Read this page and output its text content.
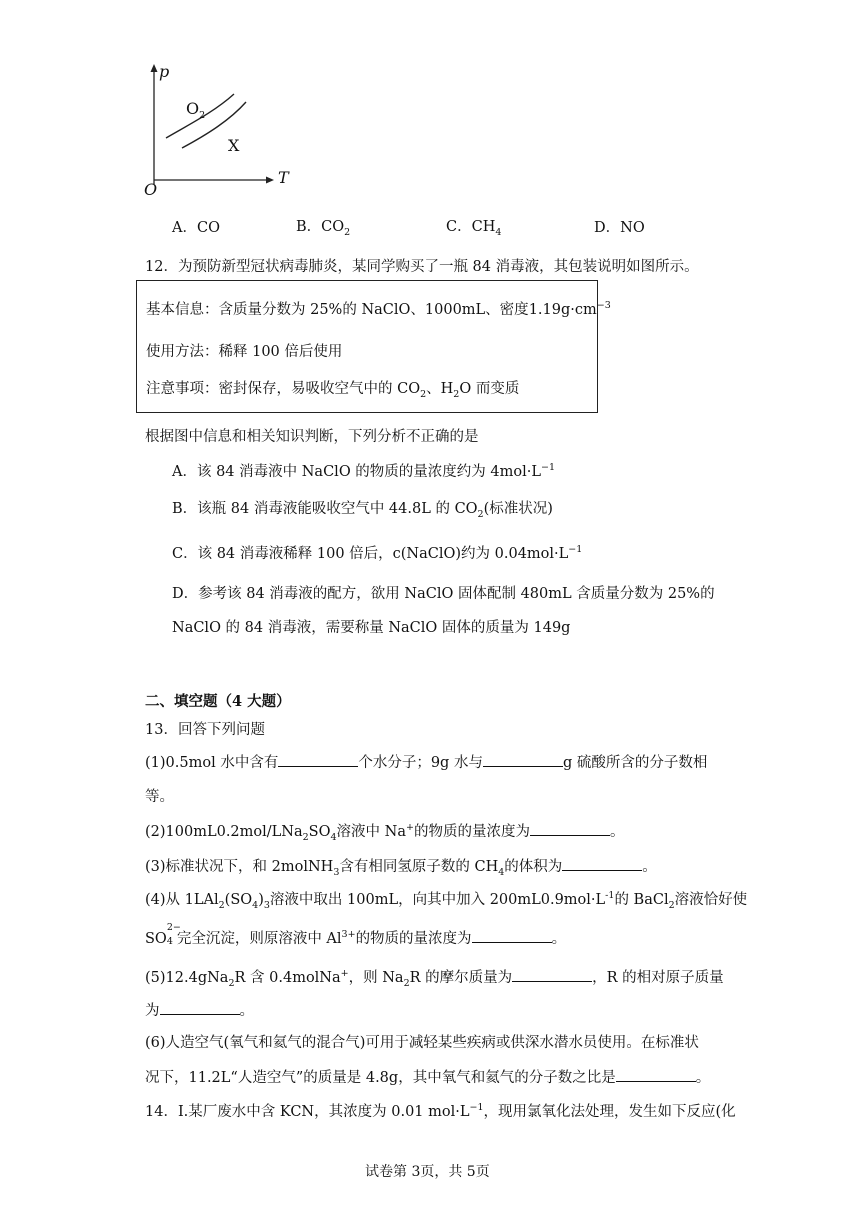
p
T
O
$O_2$
X
A．CO	B．$CO_2$	C．$CH_4$	D．NO
12．为预防新型冠状病毒肺炎，某同学购买了一瓶 84 消毒液，其包装说明如图所示。
基本信息：含质量分数为 25%的 NaClO、1000mL、密度$1.19g\cdot cm^{-3}$
使用方法：稀释 100 倍后使用
注意事项：密封保存，易吸收空气中的 $CO_2$、$H_2O$ 而变质
根据图中信息和相关知识判断，下列分析不正确的是
A．该 84 消毒液中 NaClO 的物质的量浓度约为 $4mol\cdot L^{-1}$
B．该瓶 84 消毒液能吸收空气中 44.8L 的 $CO_2$(标准状况)
C．该 84 消毒液稀释 100 倍后，c(NaClO)约为 $0.04mol\cdot L^{-1}$
D．参考该 84 消毒液的配方，欲用 NaClO 固体配制 480mL 含质量分数为 25%的
NaClO 的 84 消毒液，需要称量 NaClO 固体的质量为 149g
二、填空题（4 大题）
13．回答下列问题
(1)0.5mol 水中含有	个水分子；9g 水与	g 硫酸所含的分子数相
等。
$(2)100mL0.2mol/LNa_2SO_4$溶液中 Na+的物质的量浓度为	。
(3)标准状况下，和 2molNH$_3$含有相同氢原子数的 $CH_4$的体积为	。
(4)从 $1LAl_2(SO_4)_3$溶液中取出 100mL，向其中加入 $200mL0.9mol\cdot L^{-1}$的 BaCl$_2$溶液恰好使
SO
2−
4 完全沉淀，则原溶液中 $Al^{3+}$的物质的量浓度为	。
(5)12.4gNa$_2$R 含 0.4molNa+，则 $Na_2R$ 的摩尔质量为	，R 的相对原子质量
为	。
(6)人造空气(氧气和氦气的混合气)可用于减轻某些疾病或供深水潜水员使用。在标准状
况下，11.2L“人造空气”的质量是 4.8g，其中氧气和氦气的分子数之比是	。
14．I.某厂废水中含 KCN，其浓度为 0.01 $mol\cdot L^{-1}$，现用氯氧化法处理，发生如下反应(化
试卷第 3页，共 5页
